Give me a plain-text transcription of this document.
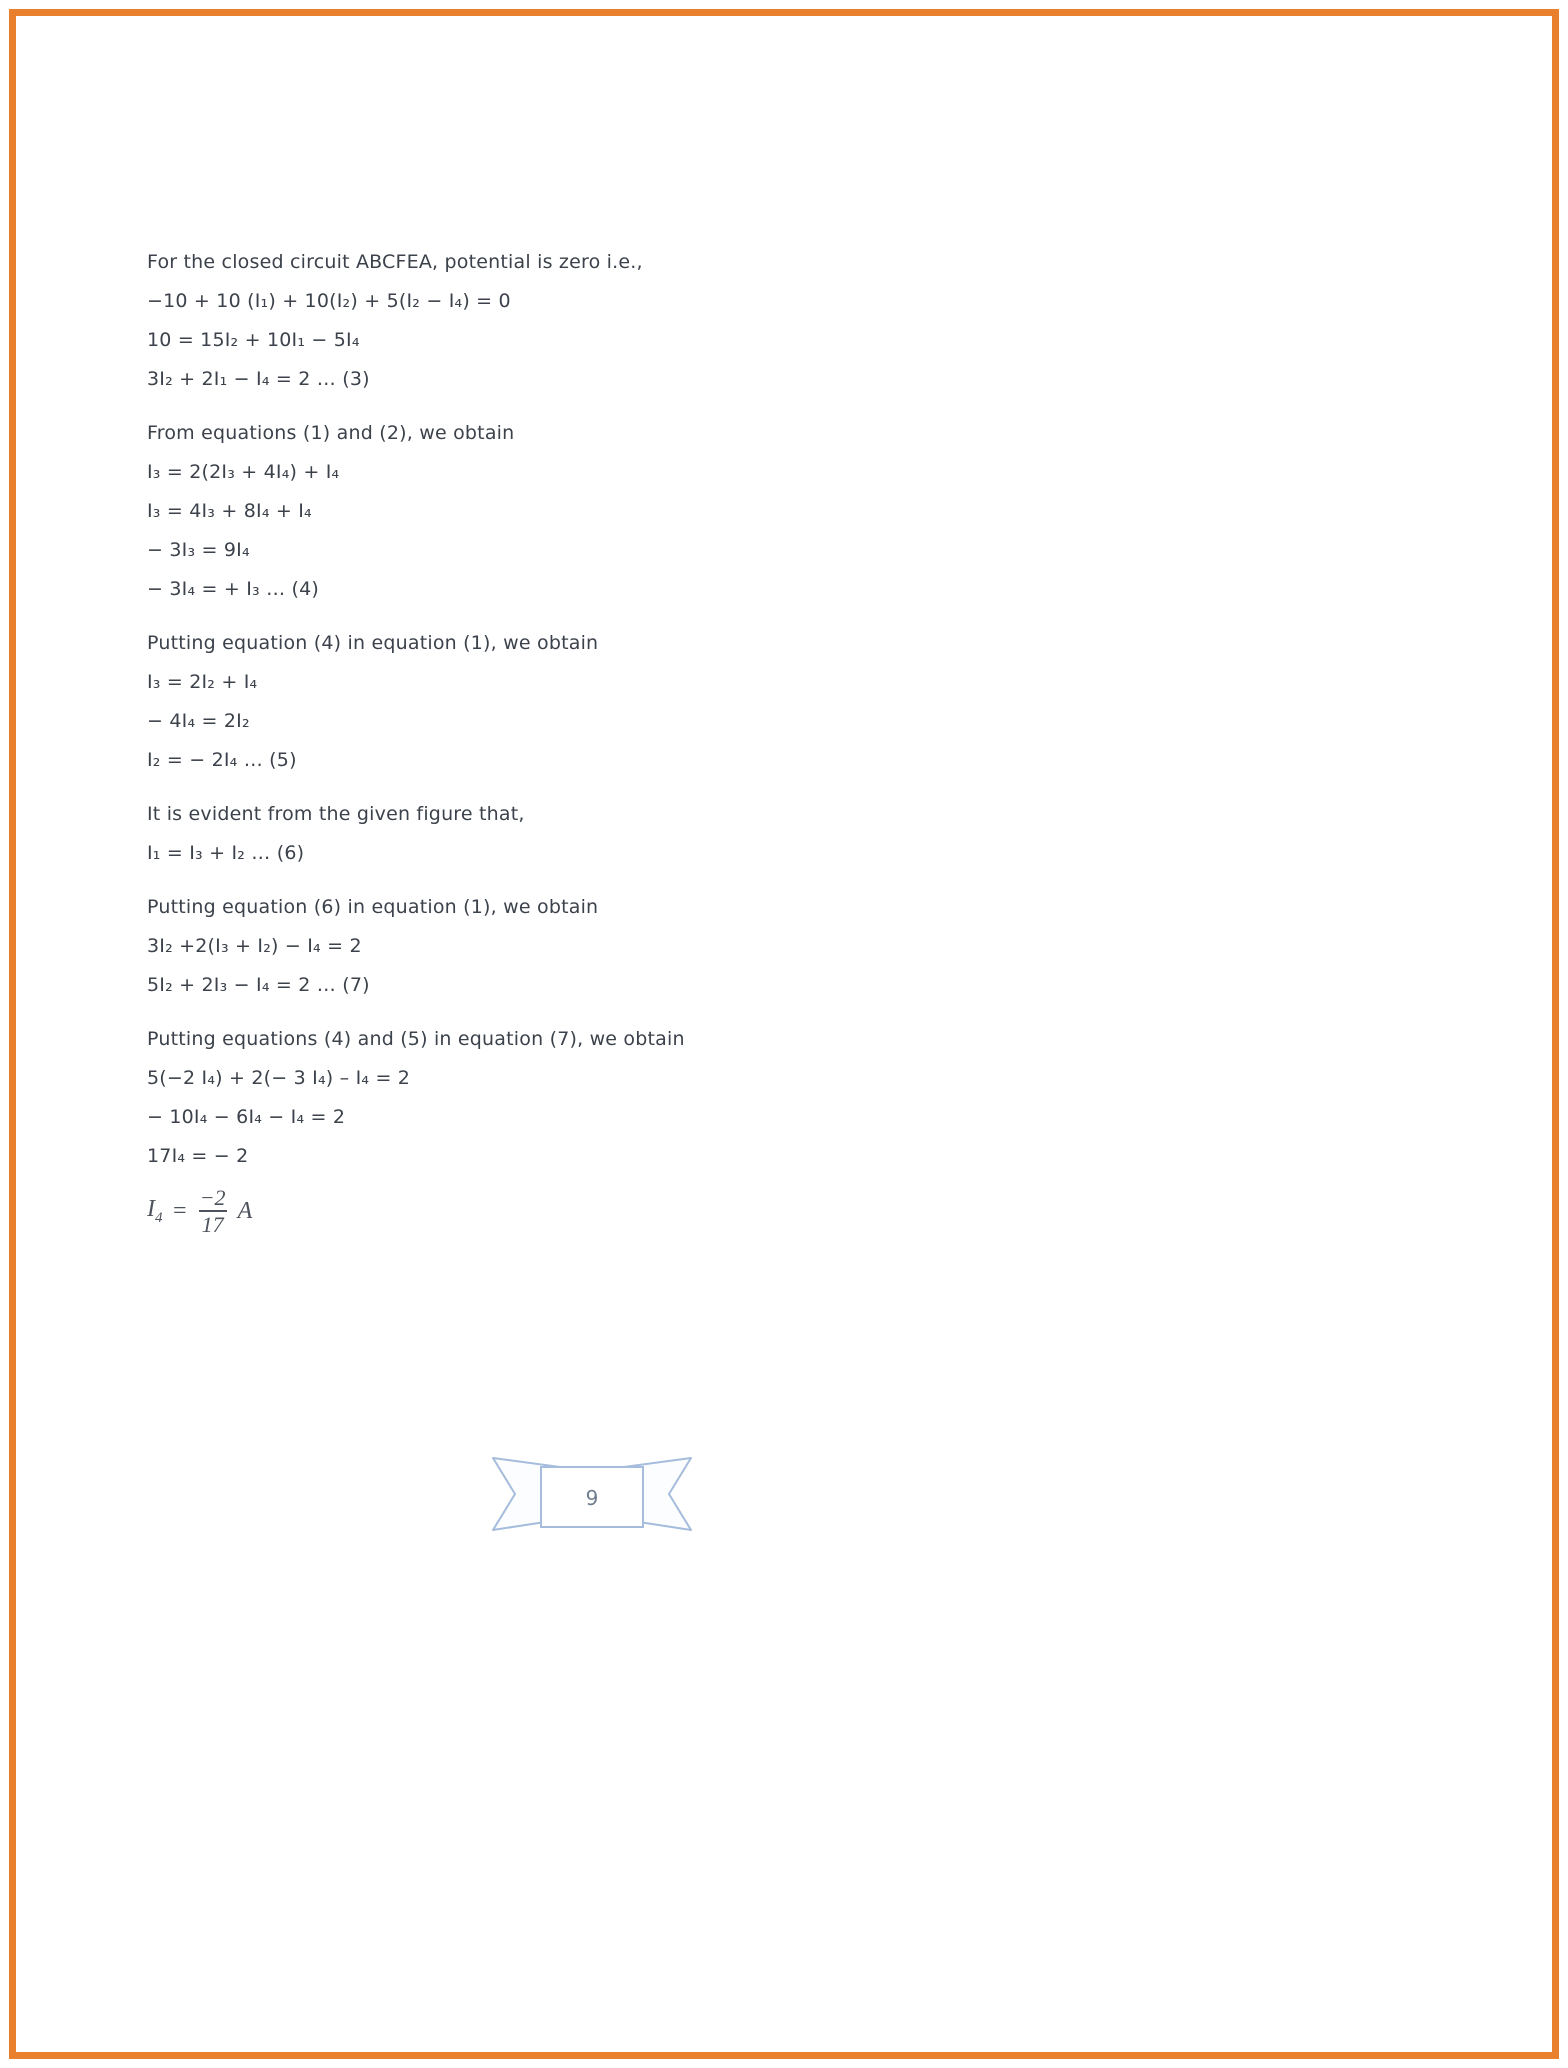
For the closed circuit ABCFEA, potential is zero i.e.,

−10 + 10 (I₁) + 10(I₂) + 5(I₂ − I₄) = 0

10 = 15I₂ + 10I₁ − 5I₄

3I₂ + 2I₁ − I₄ = 2 … (3)

From equations (1) and (2), we obtain

I₃ = 2(2I₃ + 4I₄) + I₄

I₃ = 4I₃ + 8I₄ + I₄

− 3I₃ = 9I₄

− 3I₄ = + I₃ … (4)

Putting equation (4) in equation (1), we obtain

I₃ = 2I₂ + I₄

− 4I₄ = 2I₂

I₂ = − 2I₄ … (5)

It is evident from the given figure that,

I₁ = I₃ + I₂ … (6)

Putting equation (6) in equation (1), we obtain

3I₂ +2(I₃ + I₂) − I₄ = 2

5I₂ + 2I₃ − I₄ = 2 … (7)

Putting equations (4) and (5) in equation (7), we obtain

5(−2 I₄) + 2(− 3 I₄) – I₄ = 2

− 10I₄ − 6I₄ − I₄ = 2

17I₄ = − 2

$I_4 = \frac{-2}{17}$ A
9
